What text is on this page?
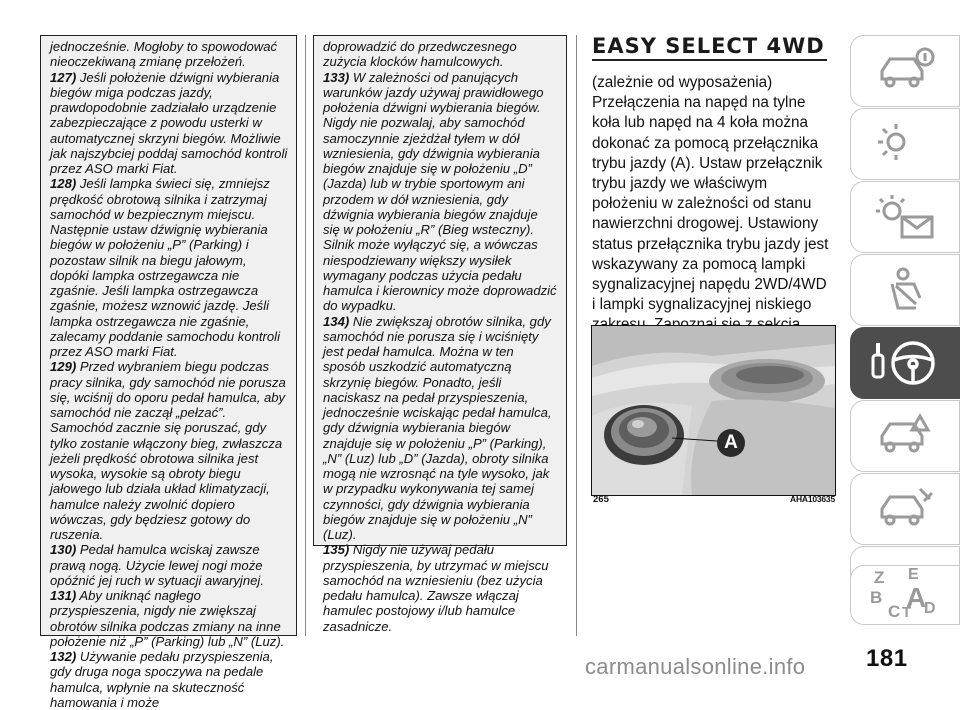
jednocześnie. Mogłoby to spowodować nieoczekiwaną zmianę przełożeń.

127) Jeśli położenie dźwigni wybierania biegów miga podczas jazdy, prawdopodobnie zadziałało urządzenie zabezpieczające z powodu usterki w automatycznej skrzyni biegów. Możliwie jak najszybciej poddaj samochód kontroli przez ASO marki Fiat.

128) Jeśli lampka świeci się, zmniejsz prędkość obrotową silnika i zatrzymaj samochód w bezpiecznym miejscu. Następnie ustaw dźwignię wybierania biegów w położeniu „P” (Parking) i pozostaw silnik na biegu jałowym, dopóki lampka ostrzegawcza nie zgaśnie. Jeśli lampka ostrzegawcza zgaśnie, możesz wznowić jazdę. Jeśli lampka ostrzegawcza nie zgaśnie, zalecamy poddanie samochodu kontroli przez ASO marki Fiat.

129) Przed wybraniem biegu podczas pracy silnika, gdy samochód nie porusza się, wciśnij do oporu pedał hamulca, aby samochód nie zaczął „pełzać”. Samochód zacznie się poruszać, gdy tylko zostanie włączony bieg, zwłaszcza jeżeli prędkość obrotowa silnika jest wysoka, wysokie są obroty biegu jałowego lub działa układ klimatyzacji, hamulce należy zwolnić dopiero wówczas, gdy będziesz gotowy do ruszenia.

130) Pedał hamulca wciskaj zawsze prawą nogą. Użycie lewej nogi może opóźnić jej ruch w sytuacji awaryjnej.

131) Aby uniknąć nagłego przyspieszenia, nigdy nie zwiększaj obrotów silnika podczas zmiany na inne położenie niż „P” (Parking) lub „N” (Luz).

132) Używanie pedału przyspieszenia, gdy druga noga spoczywa na pedale hamulca, wpłynie na skuteczność hamowania i może

doprowadzić do przedwczesnego zużycia klocków hamulcowych.

133) W zależności od panujących warunków jazdy używaj prawidłowego położenia dźwigni wybierania biegów. Nigdy nie pozwalaj, aby samochód samoczynnie zjeżdżał tyłem w dół wzniesienia, gdy dźwignia wybierania biegów znajduje się w położeniu „D” (Jazda) lub w trybie sportowym ani przodem w dół wzniesienia, gdy dźwignia wybierania biegów znajduje się w położeniu „R” (Bieg wsteczny). Silnik może wyłączyć się, a wówczas niespodziewany większy wysiłek wymagany podczas użycia pedału hamulca i kierownicy może doprowadzić do wypadku.

134) Nie zwiększaj obrotów silnika, gdy samochód nie porusza się i wciśnięty jest pedał hamulca. Można w ten sposób uszkodzić automatyczną skrzynię biegów. Ponadto, jeśli naciskasz na pedał przyspieszenia, jednocześnie wciskając pedał hamulca, gdy dźwignia wybierania biegów znajduje się w położeniu „P” (Parking), „N” (Luz) lub „D” (Jazda), obroty silnika mogą nie wzrosnąć na tyle wysoko, jak w przypadku wykonywania tej samej czynności, gdy dźwignia wybierania biegów znajduje się w położeniu „N” (Luz).

135) Nigdy nie używaj pedału przyspieszenia, by utrzymać w miejscu samochód na wzniesieniu (bez użycia pedału hamulca). Zawsze włączaj hamulec postojowy i/lub hamulce zasadnicze.

EASY SELECT 4WD

(zależnie od wyposażenia)
Przełączenia na napęd na tylne koła lub napęd na 4 koła można dokonać za pomocą przełącznika trybu jazdy (A). Ustaw przełącznik trybu jazdy we właściwym położeniu w zależności od stanu nawierzchni drogowej. Ustawiony status przełącznika trybu jazdy jest wskazywany za pomocą lampki sygnalizacyjnej napędu 2WD/4WD i lampki sygnalizacyjnej niskiego

A
265	AHA103635
Z E
B
C A
T D
181
carmanualsonline.info
